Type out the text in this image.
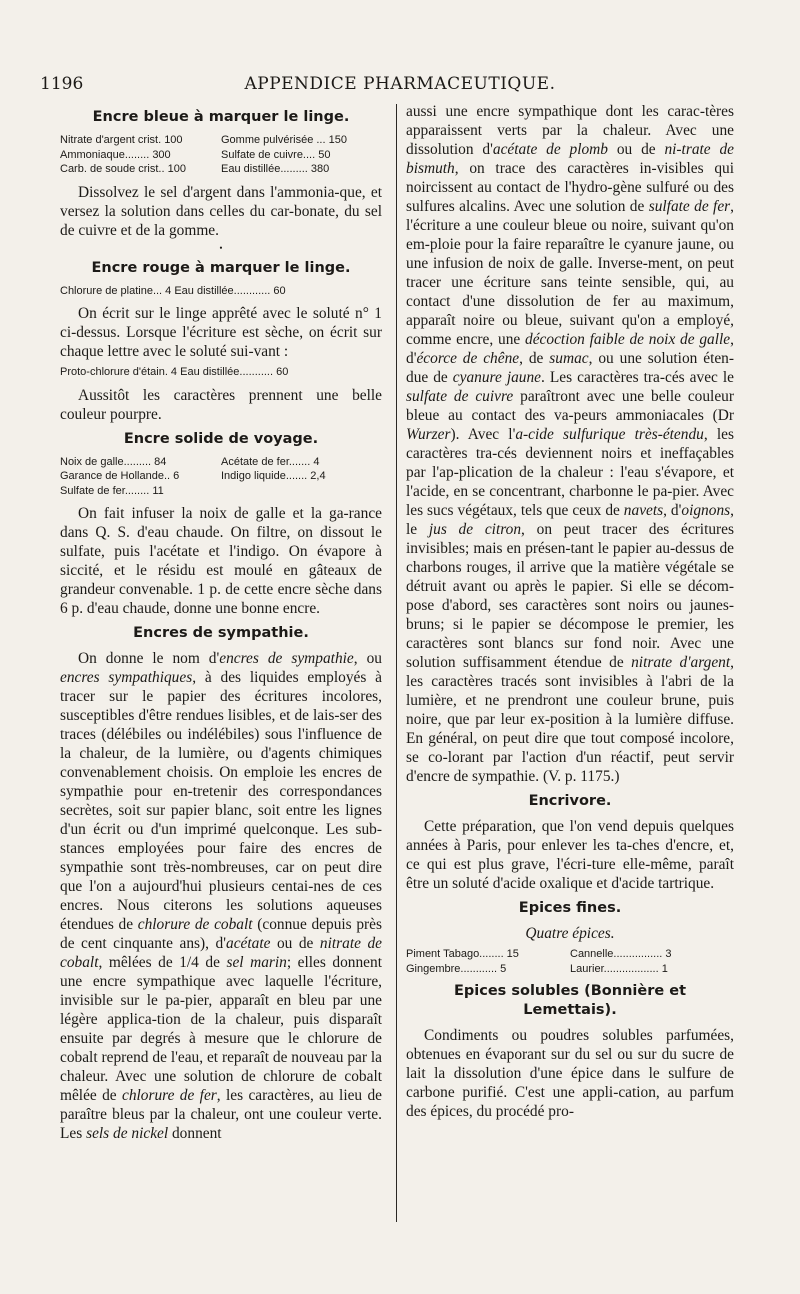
1196	APPENDICE PHARMACEUTIQUE.
Encre bleue à marquer le linge.
Nitrate d'argent crist. 100	Gomme pulvérisée ... 150
Ammoniaque........ 300	Sulfate de cuivre.... 50
Carb. de soude crist.. 100	Eau distillée......... 380

Dissolvez le sel d'argent dans l'ammonia-que, et versez la solution dans celles du car-bonate, du sel de cuivre et de la gomme.

•

Encre rouge à marquer le linge.
Chlorure de platine... 4 Eau distillée............ 60

On écrit sur le linge apprêté avec le soluté n° 1 ci-dessus. Lorsque l'écriture est sèche, on écrit sur chaque lettre avec le soluté sui-vant :

Proto-chlorure d'étain. 4 Eau distillée........... 60

Aussitôt les caractères prennent une belle couleur pourpre.

Encre solide de voyage.
Noix de galle......... 84	Acétate de fer....... 4
Garance de Hollande.. 6	Indigo liquide....... 2,4
Sulfate de fer........ 11

On fait infuser la noix de galle et la ga-rance dans Q. S. d'eau chaude. On filtre, on dissout le sulfate, puis l'acétate et l'indigo. On évapore à siccité, et le résidu est moulé en gâteaux de grandeur convenable. 1 p. de cette encre sèche dans 6 p. d'eau chaude, donne une bonne encre.

Encres de sympathie.

On donne le nom d'encres de sympathie, ou encres sympathiques, à des liquides employés à tracer sur le papier des écritures incolores, susceptibles d'être rendues lisibles, et de lais-ser des traces (délébiles ou indélébiles) sous l'influence de la chaleur, de la lumière, ou d'agents chimiques convenablement choisis. On emploie les encres de sympathie pour en-tretenir des correspondances secrètes, soit sur papier blanc, soit entre les lignes d'un écrit ou d'un imprimé quelconque. Les sub-stances employées pour faire des encres de sympathie sont très-nombreuses, car on peut dire que l'on a aujourd'hui plusieurs centai-nes de ces encres. Nous citerons les solutions aqueuses étendues de chlorure de cobalt (connue depuis près de cent cinquante ans), d'acétate ou de nitrate de cobalt, mêlées de 1/4 de sel marin; elles donnent une encre sympathique avec laquelle l'écriture, invisible sur le pa-pier, apparaît en bleu par une légère applica-tion de la chaleur, puis disparaît ensuite par degrés à mesure que le chlorure de cobalt reprend de l'eau, et reparaît de nouveau par la chaleur. Avec une solution de chlorure de cobalt mêlée de chlorure de fer, les caractères, au lieu de paraître bleus par la chaleur, ont une couleur verte. Les sels de nickel donnent

aussi une encre sympathique dont les carac-tères apparaissent verts par la chaleur. Avec une dissolution d'acétate de plomb ou de ni-trate de bismuth, on trace des caractères in-visibles qui noircissent au contact de l'hydro-gène sulfuré ou des sulfures alcalins. Avec une solution de sulfate de fer, l'écriture a une couleur bleue ou noire, suivant qu'on em-ploie pour la faire reparaître le cyanure jaune, ou une infusion de noix de galle. Inverse-ment, on peut tracer une écriture sans teinte sensible, qui, au contact d'une dissolution de fer au maximum, apparaît noire ou bleue, suivant qu'on a employé, comme encre, une décoction faible de noix de galle, d'écorce de chêne, de sumac, ou une solution éten-due de cyanure jaune. Les caractères tra-cés avec le sulfate de cuivre paraîtront avec une belle couleur bleue au contact des va-peurs ammoniacales (Dr Wurzer). Avec l'a-cide sulfurique très-étendu, les caractères tra-cés deviennent noirs et ineffaçables par l'ap-plication de la chaleur : l'eau s'évapore, et l'acide, en se concentrant, charbonne le pa-pier. Avec les sucs végétaux, tels que ceux de navets, d'oignons, le jus de citron, on peut tracer des écritures invisibles; mais en présen-tant le papier au-dessus de charbons rouges, il arrive que la matière végétale se détruit avant ou après le papier. Si elle se décom-pose d'abord, ses caractères sont noirs ou jaunes-bruns; si le papier se décompose le premier, les caractères sont blancs sur fond noir. Avec une solution suffisamment étendue de nitrate d'argent, les caractères tracés sont invisibles à l'abri de la lumière, et ne prendront une couleur brune, puis noire, que par leur ex-position à la lumière diffuse. En général, on peut dire que tout composé incolore, se co-lorant par l'action d'un réactif, peut servir d'encre de sympathie. (V. p. 1175.)

Encrivore.

Cette préparation, que l'on vend depuis quelques années à Paris, pour enlever les ta-ches d'encre, et, ce qui est plus grave, l'écri-ture elle-même, paraît être un soluté d'acide oxalique et d'acide tartrique.

Epices fines.

Quatre épices.

Piment Tabago........ 15	Cannelle................ 3
Gingembre............ 5	Laurier.................. 1
Epices solubles (Bonnière et Lemettais).

Condiments ou poudres solubles parfumées, obtenues en évaporant sur du sel ou sur du sucre de lait la dissolution d'une épice dans le sulfure de carbone purifié. C'est une appli-cation, au parfum des épices, du procédé pro-
